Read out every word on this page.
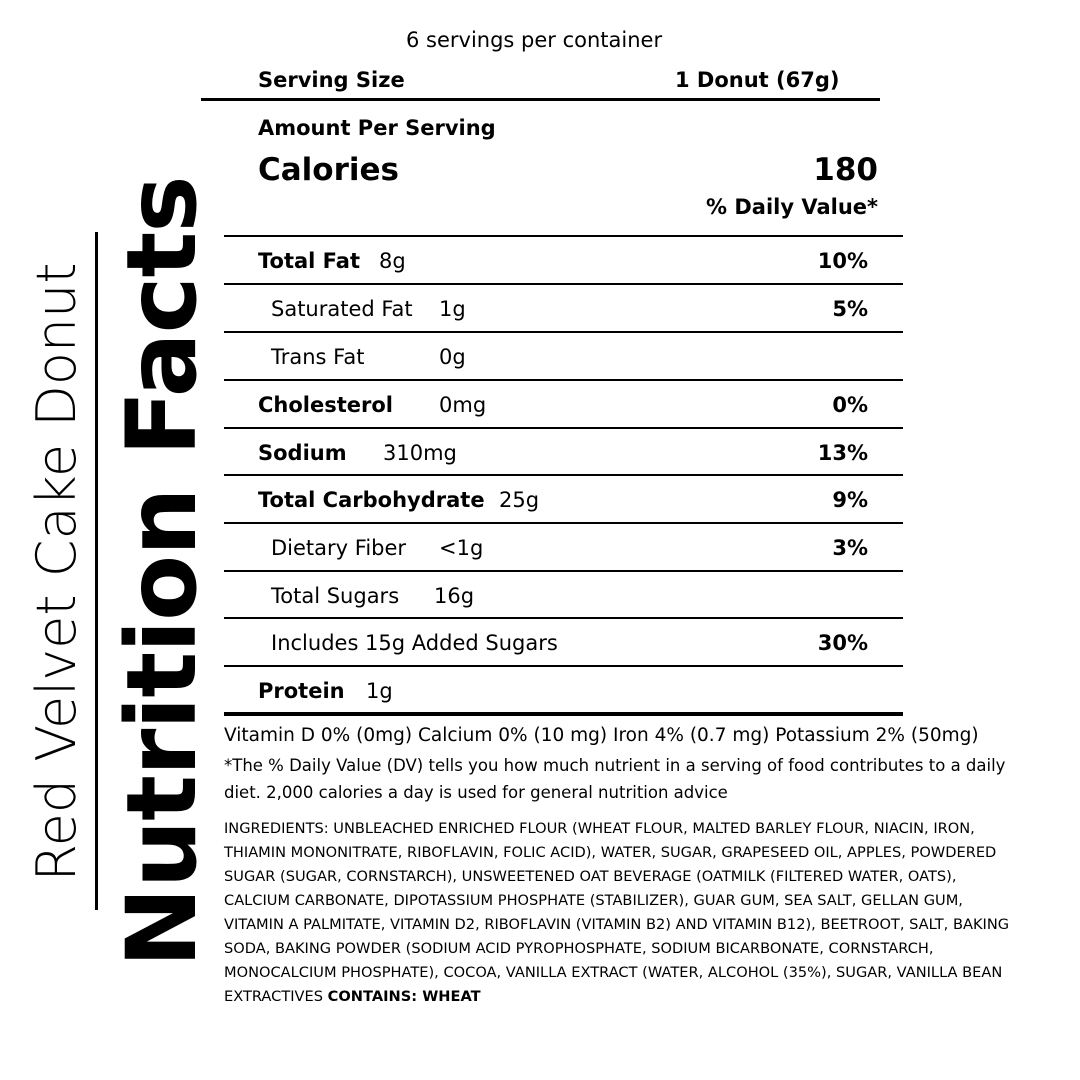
Red Velvet Cake Donut Nutrition Facts
6 servings per container
Serving Size	1 Donut (67g)
Amount Per Serving
Calories	180
% Daily Value*
Total Fat 8g	10%
Saturated Fat 1g	5%
Trans Fat	0g
Cholesterol 0mg	0%
Sodium 310mg	13%
Total Carbohydrate 25g	9%
Dietary Fiber <1g	3%
Total Sugars 16g
Includes 15g Added Sugars	30%
Protein 1g
Vitamin D 0% (0mg) Calcium 0% (10 mg) Iron 4% (0.7 mg) Potassium 2% (50mg)
*The % Daily Value (DV) tells you how much nutrient in a serving of food contributes to a daily diet. 2,000 calories a day is used for general nutrition advice
INGREDIENTS: UNBLEACHED ENRICHED FLOUR (WHEAT FLOUR, MALTED BARLEY FLOUR, NIACIN, IRON, THIAMIN MONONITRATE, RIBOFLAVIN, FOLIC ACID), WATER, SUGAR, GRAPESEED OIL, APPLES, POWDERED SUGAR (SUGAR, CORNSTARCH), UNSWEETENED OAT BEVERAGE (OATMILK (FILTERED WATER, OATS), CALCIUM CARBONATE, DIPOTASSIUM PHOSPHATE (STABILIZER), GUAR GUM, SEA SALT, GELLAN GUM, VITAMIN A PALMITATE, VITAMIN D2, RIBOFLAVIN (VITAMIN B2) AND VITAMIN B12), BEETROOT, SALT, BAKING SODA, BAKING POWDER (SODIUM ACID PYROPHOSPHATE, SODIUM BICARBONATE, CORNSTARCH, MONOCALCIUM PHOSPHATE), COCOA, VANILLA EXTRACT (WATER, ALCOHOL (35%), SUGAR, VANILLA BEAN EXTRACTIVES CONTAINS: WHEAT
